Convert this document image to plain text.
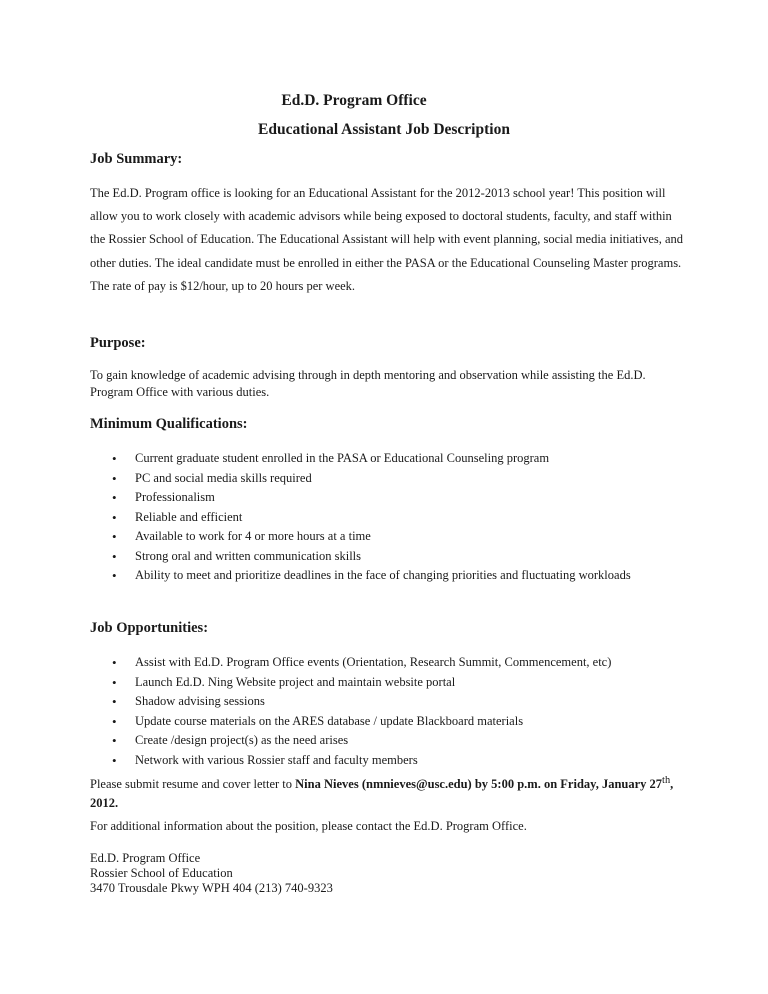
Ed.D. Program Office
Educational Assistant Job Description
Job Summary:

The Ed.D. Program office is looking for an Educational Assistant for the 2012-2013 school year! This position will allow you to work closely with academic advisors while being exposed to doctoral students, faculty, and staff within the Rossier School of Education. The Educational Assistant will help with event planning, social media initiatives, and other duties. The ideal candidate must be enrolled in either the PASA or the Educational Counseling Master programs. The rate of pay is $12/hour, up to 20 hours per week.

Purpose:

To gain knowledge of academic advising through in depth mentoring and observation while assisting the Ed.D. Program Office with various duties.

Minimum Qualifications:
• Current graduate student enrolled in the PASA or Educational Counseling program
• PC and social media skills required
• Professionalism
• Reliable and efficient
• Available to work for 4 or more hours at a time
• Strong oral and written communication skills
• Ability to meet and prioritize deadlines in the face of changing priorities and fluctuating workloads
Job Opportunities:
• Assist with Ed.D. Program Office events (Orientation, Research Summit, Commencement, etc)
• Launch Ed.D. Ning Website project and maintain website portal
• Shadow advising sessions
• Update course materials on the ARES database / update Blackboard materials
• Create /design project(s) as the need arises
• Network with various Rossier staff and faculty members

Please submit resume and cover letter to Nina Nieves (nmnieves@usc.edu) by 5:00 p.m. on Friday, January 27th, 2012.

For additional information about the position, please contact the Ed.D. Program Office.

Ed.D. Program Office
Rossier School of Education
3470 Trousdale Pkwy WPH 404 (213) 740-9323
